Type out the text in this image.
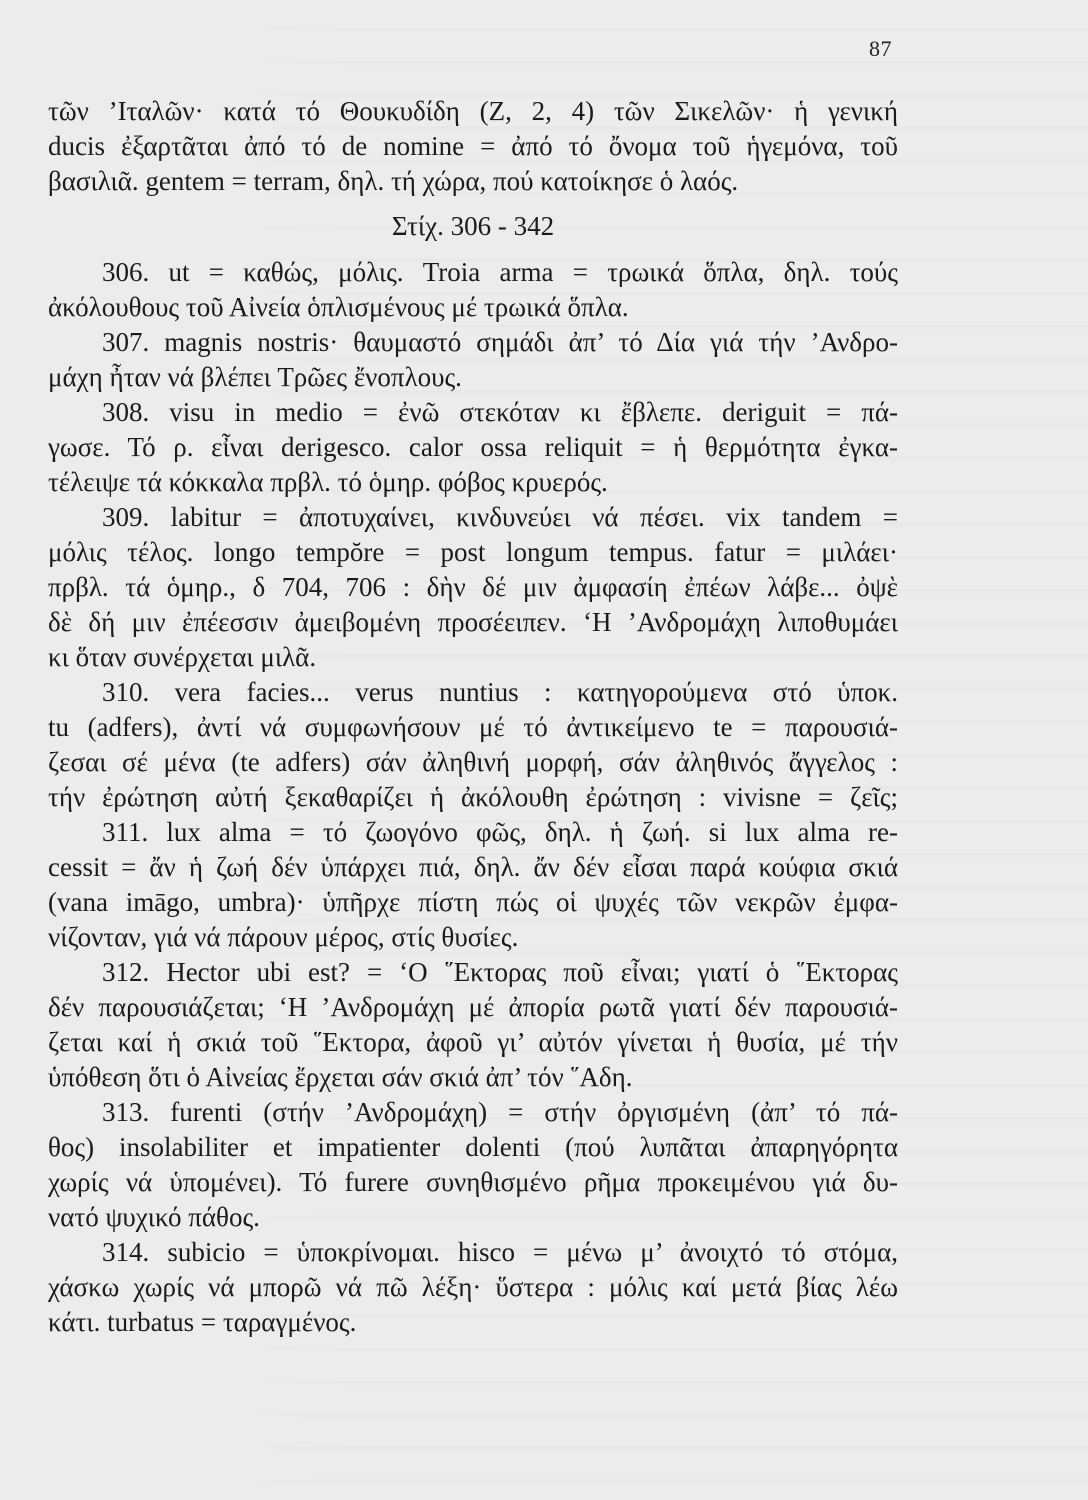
87
τῶν ’Ιταλῶν· κατά τό Θουκυδίδη (Ζ, 2, 4) τῶν Σικελῶν· ἡ γενική
ducis ἐξαρτᾶται ἀπό τό de nomine = ἀπό τό ὄνομα τοῦ ἡγεμόνα, τοῦ
βασιλιᾶ. gentem = terram, δηλ. τή χώρα, πού κατοίκησε ὁ λαός.
Στίχ. 306 - 342
306. ut = καθώς, μόλις. Troia arma = τρωικά ὅπλα, δηλ. τούς
ἀκόλουθους τοῦ Αἰνεία ὁπλισμένους μέ τρωικά ὅπλα.
307. magnis nostris· θαυμαστό σημάδι ἀπ’ τό Δία γιά τήν ’Ανδρο-
μάχη ἦταν νά βλέπει Τρῶες ἔνοπλους.
308. visu in medio = ἐνῶ στεκόταν κι ἔβλεπε. deriguit = πά-
γωσε. Τό ρ. εἶναι derigesco. calor ossa reliquit = ἡ θερμότητα ἐγκα-
τέλειψε τά κόκκαλα πρβλ. τό ὁμηρ. φόβος κρυερός.
309. labitur = ἀποτυχαίνει, κινδυνεύει νά πέσει. vix tandem =
μόλις τέλος. longo tempŏre = post longum tempus. fatur = μιλάει·
πρβλ. τά ὁμηρ., δ 704, 706 : δὴν δέ μιν ἀμφασίη ἐπέων λάβε... ὀψὲ
δὲ δή μιν ἐπέεσσιν ἀμειβομένη προσέειπεν. ‘Η ’Ανδρομάχη λιποθυμάει
κι ὅταν συνέρχεται μιλᾶ.
310. vera facies... verus nuntius : κατηγορούμενα στό ὑποκ.
tu (adfers), ἀντί νά συμφωνήσουν μέ τό ἀντικείμενο te = παρουσιά-
ζεσαι σέ μένα (te adfers) σάν ἀληθινή μορφή, σάν ἀληθινός ἄγγελος :
τήν ἐρώτηση αὐτή ξεκαθαρίζει ἡ ἀκόλουθη ἐρώτηση : vivisne = ζεῖς;
311. lux alma = τό ζωογόνο φῶς, δηλ. ἡ ζωή. si lux alma re-
cessit = ἄν ἡ ζωή δέν ὑπάρχει πιά, δηλ. ἄν δέν εἶσαι παρά κούφια σκιά
(vana imāgo, umbra)· ὑπῆρχε πίστη πώς οἱ ψυχές τῶν νεκρῶν ἐμφα-
νίζονταν, γιά νά πάρουν μέρος, στίς θυσίες.
312. Hector ubi est? = ‘Ο ῞Εκτορας ποῦ εἶναι; γιατί ὁ ῞Εκτορας
δέν παρουσιάζεται; ‘Η ’Ανδρομάχη μέ ἀπορία ρωτᾶ γιατί δέν παρουσιά-
ζεται καί ἡ σκιά τοῦ ῞Εκτορα, ἀφοῦ γι’ αὐτόν γίνεται ἡ θυσία, μέ τήν
ὑπόθεση ὅτι ὁ Αἰνείας ἔρχεται σάν σκιά ἀπ’ τόν ῞Αδη.
313. furenti (στήν ’Ανδρομάχη) = στήν ὀργισμένη (ἀπ’ τό πά-
θος) insolabiliter et impatienter dolenti (πού λυπᾶται ἀπαρηγόρητα
χωρίς νά ὑπομένει). Τό furere συνηθισμένο ρῆμα προκειμένου γιά δυ-
νατό ψυχικό πάθος.
314. subicio = ὑποκρίνομαι. hisco = μένω μ’ ἀνοιχτό τό στόμα,
χάσκω χωρίς νά μπορῶ νά πῶ λέξη· ὕστερα : μόλις καί μετά βίας λέω
κάτι. turbatus = ταραγμένος.
